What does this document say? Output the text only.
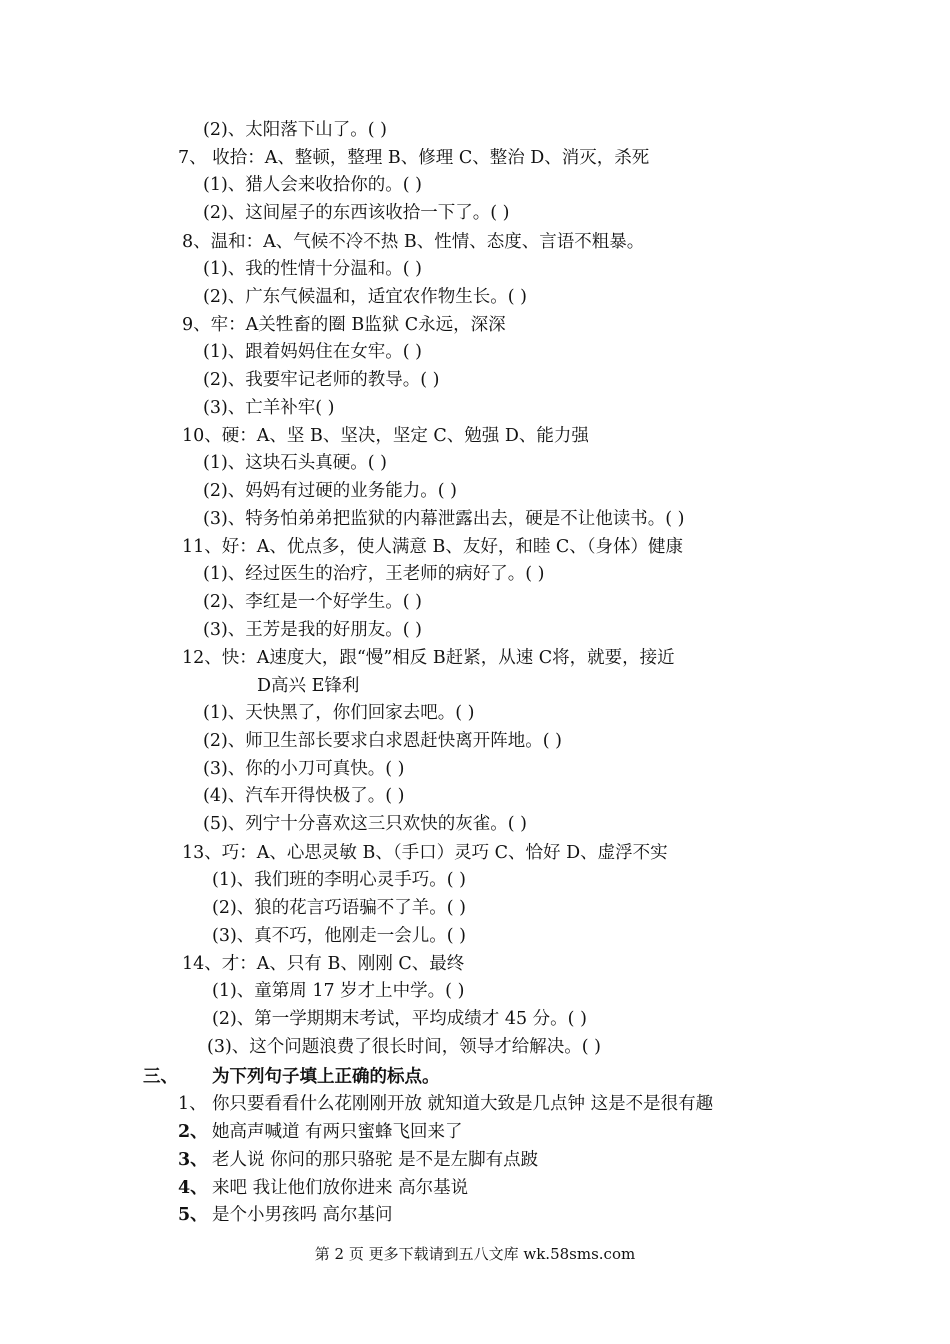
(2)、太阳落下山了。( )
7、 收拾：A、整顿，整理 B、修理 C、整治 D、消灭，杀死
(1)、猎人会来收拾你的。( )
(2)、这间屋子的东西该收拾一下了。( )
8、温和：A、气候不冷不热 B、性情、态度、言语不粗暴。
(1)、我的性情十分温和。( )
(2)、广东气候温和，适宜农作物生长。( )
9、牢：A关牲畜的圈 B监狱 C永远，深深
(1)、跟着妈妈住在女牢。( )
(2)、我要牢记老师的教导。( )
(3)、亡羊补牢( )
10、硬：A、坚 B、坚决，坚定 C、勉强 D、能力强
(1)、这块石头真硬。( )
(2)、妈妈有过硬的业务能力。( )
(3)、特务怕弟弟把监狱的内幕泄露出去，硬是不让他读书。( )
11、好：A、优点多，使人满意 B、友好，和睦 C、（身体）健康
(1)、经过医生的治疗，王老师的病好了。( )
(2)、李红是一个好学生。( )
(3)、王芳是我的好朋友。( )
12、快：A速度大，跟“慢”相反 B赶紧，从速 C将，就要，接近
D高兴 E锋利
(1)、天快黑了，你们回家去吧。( )
(2)、师卫生部长要求白求恩赶快离开阵地。( )
(3)、你的小刀可真快。( )
(4)、汽车开得快极了。( )
(5)、列宁十分喜欢这三只欢快的灰雀。( )
13、巧：A、心思灵敏 B、（手口）灵巧 C、恰好 D、虚浮不实
(1)、我们班的李明心灵手巧。( )
(2)、狼的花言巧语骗不了羊。( )
(3)、真不巧，他刚走一会儿。( )
14、才：A、只有 B、刚刚 C、最终
(1)、童第周 17 岁才上中学。( )
(2)、第一学期期末考试，平均成绩才 45 分。( )
(3)、这个问题浪费了很长时间，领导才给解决。( )
三、 为下列句子填上正确的标点。
1、 你只要看看什么花刚刚开放 就知道大致是几点钟 这是不是很有趣
2、 她高声喊道 有两只蜜蜂飞回来了
3、 老人说 你问的那只骆驼 是不是左脚有点跛
4、 来吧 我让他们放你进来 高尔基说
5、 是个小男孩吗 高尔基问
第 2 页 更多下载请到五八文库 wk.58sms.com
